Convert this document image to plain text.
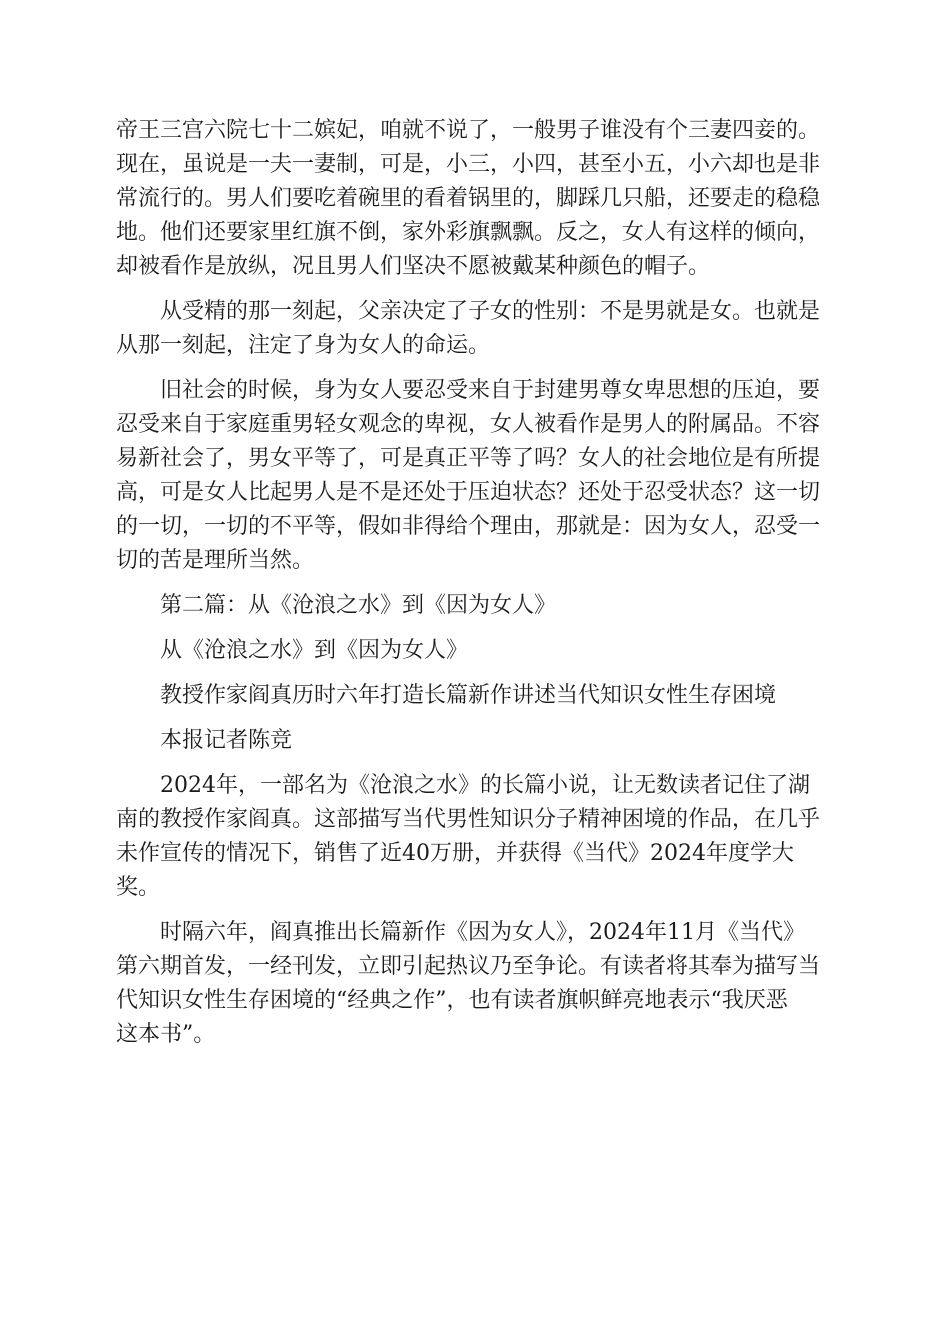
帝王三宫六院七十二嫔妃，咱就不说了，一般男子谁没有个三妻四妾的。
现在，虽说是一夫一妻制，可是，小三，小四，甚至小五，小六却也是非
常流行的。男人们要吃着碗里的看着锅里的，脚踩几只船，还要走的稳稳
地。他们还要家里红旗不倒，家外彩旗飘飘。反之，女人有这样的倾向，
却被看作是放纵，况且男人们坚决不愿被戴某种颜色的帽子。

从受精的那一刻起，父亲决定了子女的性别：不是男就是女。也就是
从那一刻起，注定了身为女人的命运。

旧社会的时候，身为女人要忍受来自于封建男尊女卑思想的压迫，要
忍受来自于家庭重男轻女观念的卑视，女人被看作是男人的附属品。不容
易新社会了，男女平等了，可是真正平等了吗？女人的社会地位是有所提
高，可是女人比起男人是不是还处于压迫状态？还处于忍受状态？这一切
的一切，一切的不平等，假如非得给个理由，那就是：因为女人，忍受一
切的苦是理所当然。

第二篇：从《沧浪之水》到《因为女人》

从《沧浪之水》到《因为女人》

教授作家阎真历时六年打造长篇新作讲述当代知识女性生存困境

本报记者陈竞

2024年，一部名为《沧浪之水》的长篇小说，让无数读者记住了湖
南的教授作家阎真。这部描写当代男性知识分子精神困境的作品，在几乎
未作宣传的情况下，销售了近40万册，并获得《当代》2024年度学大
奖。

时隔六年，阎真推出长篇新作《因为女人》，2024年11月《当代》
第六期首发，一经刊发，立即引起热议乃至争论。有读者将其奉为描写当
代知识女性生存困境的“经典之作”，也有读者旗帜鲜亮地表示“我厌恶
这本书”。
